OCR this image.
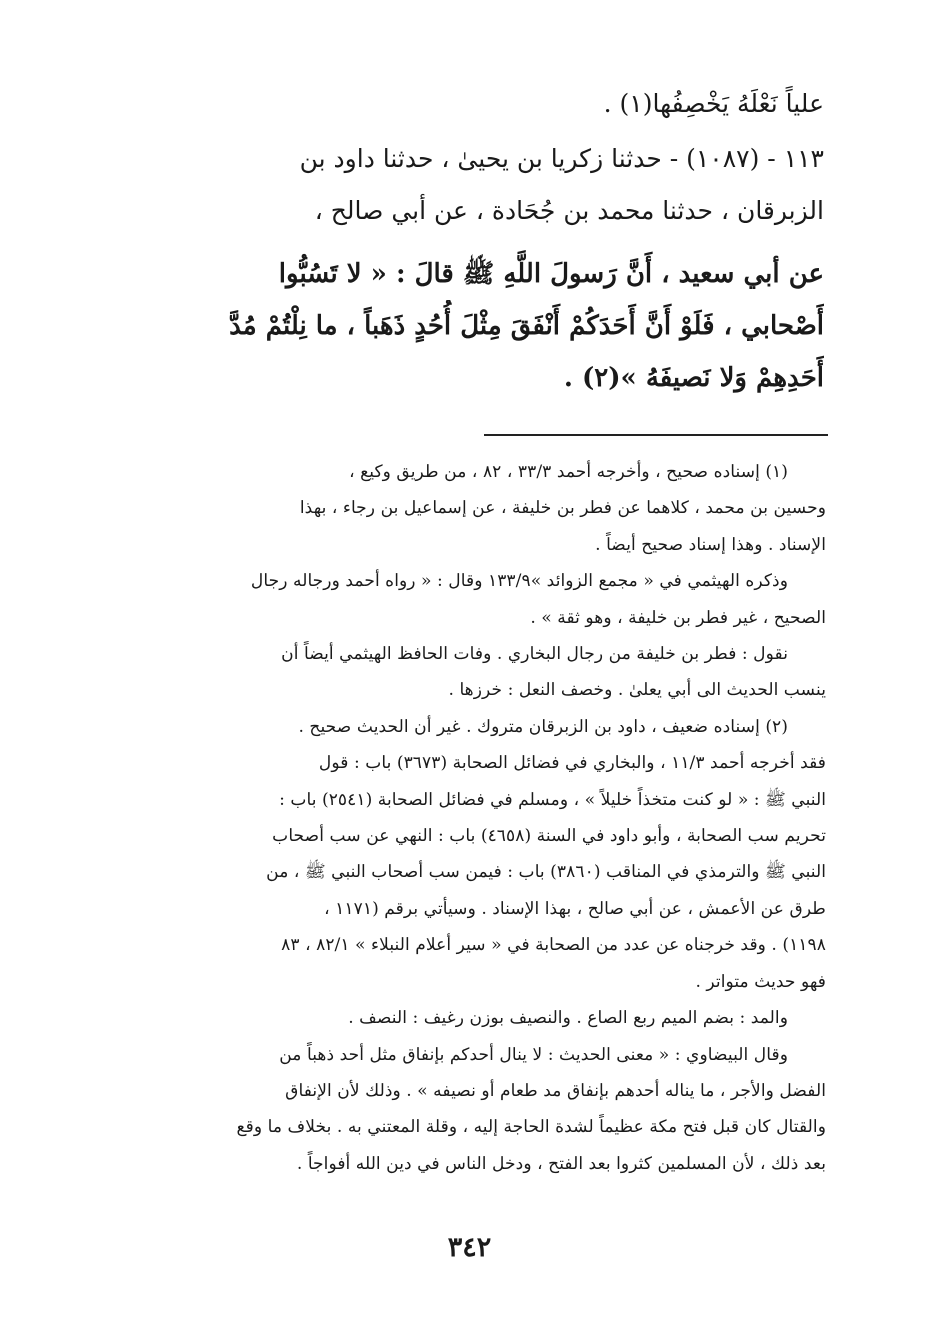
علياً نَعْلَهُ يَخْصِفُها(١) .
١١٣ - (١٠٨٧) - حدثنا زكريا بن يحيىٰ ، حدثنا داود بن
الزبرقان ، حدثنا محمد بن جُحَادة ، عن أبي صالح ،
عن أبي سعيد ، أَنَّ رَسولَ اللَّهِ ﷺ قالَ : « لا تَسُبُّوا
أَصْحابي ، فَلَوْ أَنَّ أَحَدَكُمْ أَنْفَقَ مِثْلَ أُحُدٍ ذَهَباً ، ما نِلْتُمْ مُدَّ
أَحَدِهِمْ وَلا نَصيفَهُ »(٢) .
(١) إسناده صحيح ، وأخرجه أحمد ٣٣/٣ ، ٨٢ ، من طريق وكيع ،
وحسين بن محمد ، كلاهما عن فطر بن خليفة ، عن إسماعيل بن رجاء ، بهذا
الإسناد . وهذا إسناد صحيح أيضاً .
وذكره الهيثمي في « مجمع الزوائد »١٣٣/٩ وقال : « رواه أحمد ورجاله رجال
الصحيح ، غير فطر بن خليفة ، وهو ثقة » .
نقول : فطر بن خليفة من رجال البخاري . وفات الحافظ الهيثمي أيضاً أن
ينسب الحديث الى أبي يعلىٰ . وخصف النعل : خرزها .
(٢) إسناده ضعيف ، داود بن الزبرقان متروك . غير أن الحديث صحيح .
فقد أخرجه أحمد ١١/٣ ، والبخاري في فضائل الصحابة (٣٦٧٣) باب : قول
النبي ﷺ : « لو كنت متخذاً خليلاً » ، ومسلم في فضائل الصحابة (٢٥٤١) باب :
تحريم سب الصحابة ، وأبو داود في السنة (٤٦٥٨) باب : النهي عن سب أصحاب
النبي ﷺ والترمذي في المناقب (٣٨٦٠) باب : فيمن سب أصحاب النبي ﷺ ، من
طرق عن الأعمش ، عن أبي صالح ، بهذا الإسناد . وسيأتي برقم (١١٧١ ،
١١٩٨) . وقد خرجناه عن عدد من الصحابة في « سير أعلام النبلاء » ٨٢/١ ، ٨٣
فهو حديث متواتر .
والمد : بضم الميم ربع الصاع . والنصيف بوزن رغيف : النصف .
وقال البيضاوي : « معنى الحديث : لا ينال أحدكم بإنفاق مثل أحد ذهباً من
الفضل والأجر ، ما يناله أحدهم بإنفاق مد طعام أو نصيفه » . وذلك لأن الإنفاق
والقتال كان قبل فتح مكة عظيماً لشدة الحاجة إليه ، وقلة المعتني به . بخلاف ما وقع
بعد ذلك ، لأن المسلمين كثروا بعد الفتح ، ودخل الناس في دين الله أفواجاً .
٣٤٢
